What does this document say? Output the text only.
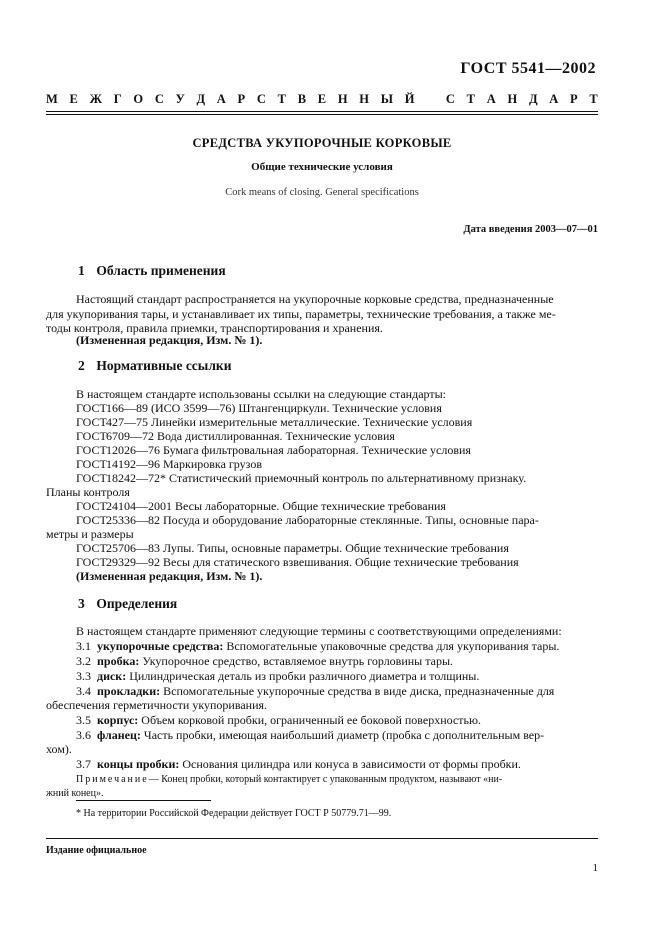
ГОСТ 5541—2002
М Е Ж Г О С У Д А Р С Т В Е Н Н Ы Й	С Т А Н Д А Р Т
СРЕДСТВА УКУПОРОЧНЫЕ КОРКОВЫЕ
Общие технические условия
Cork means of closing. General specifications
Дата введения 2003—07—01
1 Область применения
Настоящий стандарт распространяется на укупорочные корковые средства, предназначенные
для укупоривания тары, и устанавливает их типы, параметры, технические требования, а также ме-
тоды контроля, правила приемки, транспортирования и хранения.
(Измененная редакция, Изм. № 1).
2 Нормативные ссылки
В настоящем стандарте использованы ссылки на следующие стандарты:
ГОСТ166—89 (ИСО 3599—76) Штангенциркули. Технические условия
ГОСТ427—75 Линейки измерительные металлические. Технические условия
ГОСТ6709—72 Вода дистиллированная. Технические условия
ГОСТ12026—76 Бумага фильтровальная лабораторная. Технические условия
ГОСТ14192—96 Маркировка грузов
ГОСТ18242—72* Статистический приемочный контроль по альтернативному признаку.
Планы контроля
ГОСТ24104—2001 Весы лабораторные. Общие технические требования
ГОСТ25336—82 Посуда и оборудование лабораторные стеклянные. Типы, основные пара-
метры и размеры
ГОСТ25706—83 Лупы. Типы, основные параметры. Общие технические требования
ГОСТ29329—92 Весы для статического взвешивания. Общие технические требования
(Измененная редакция, Изм. № 1).
3 Определения
В настоящем стандарте применяют следующие термины с соответствующими определениями:
3.1 укупорочные средства: Вспомогательные упаковочные средства для укупоривания тары.
3.2 пробка: Укупорочное средство, вставляемое внутрь горловины тары.
3.3 диск: Цилиндрическая деталь из пробки различного диаметра и толщины.
3.4 прокладки: Вспомогательные укупорочные средства в виде диска, предназначенные для
обеспечения герметичности укупоривания.
3.5 корпус: Объем корковой пробки, ограниченный ее боковой поверхностью.
3.6 фланец: Часть пробки, имеющая наибольший диаметр (пробка с дополнительным вер-
хом).
3.7 концы пробки: Основания цилиндра или конуса в зависимости от формы пробки.
Примечание— Конец пробки, который контактирует с упакованным продуктом, называют «ни-
жний конец».
* На территории Российской Федерации действует ГОСТ Р 50779.71—99.
Издание официальное
1
